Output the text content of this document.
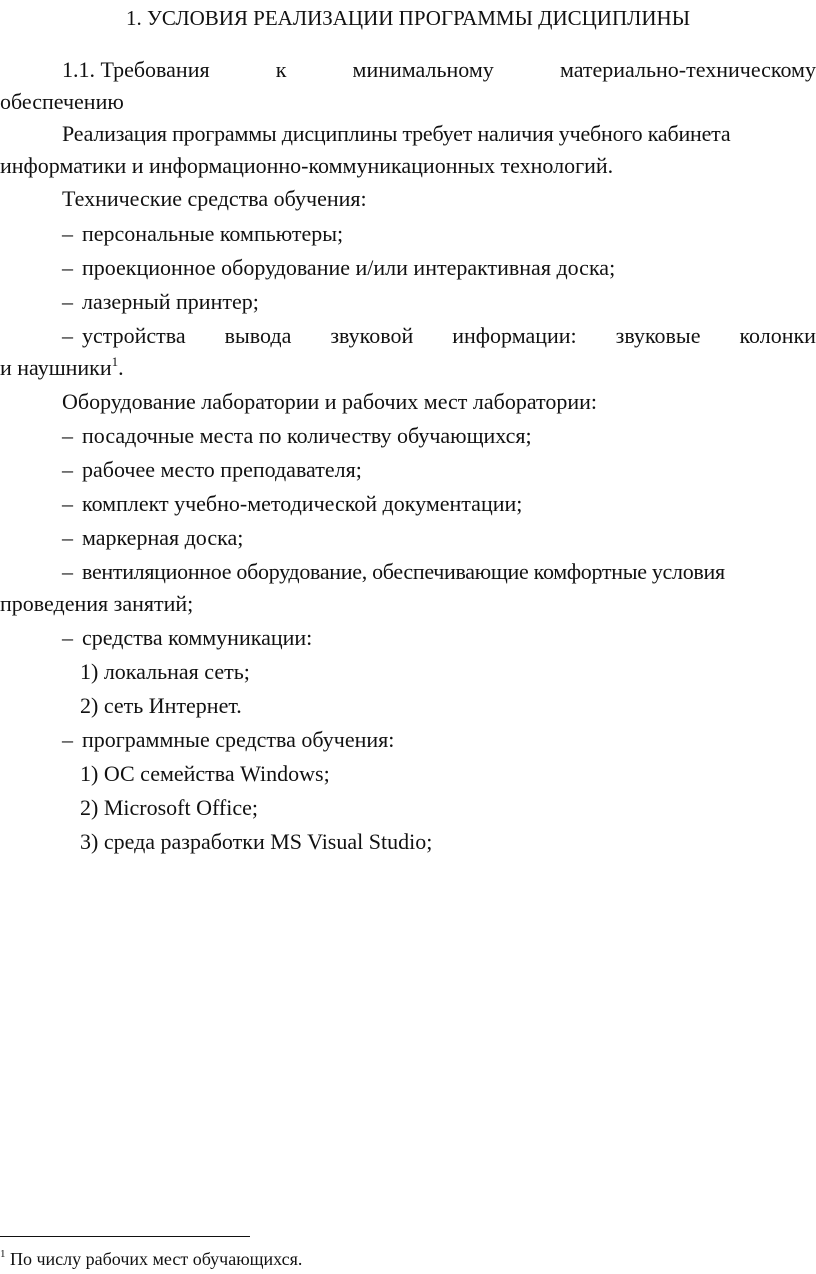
1. УСЛОВИЯ РЕАЛИЗАЦИИ ПРОГРАММЫ ДИСЦИПЛИНЫ
1.1. Требования	к	минимальному	материально-техническому
обеспечению
Реализация программы дисциплины требует наличия учебного кабинета
информатики и информационно-коммуникационных технологий.
Технические средства обучения:
– персональные компьютеры;
– проекционное оборудование и/или интерактивная доска;
– лазерный принтер;
– устройства вывода звуковой информации: звуковые колонки
и наушники$^1$.
Оборудование лаборатории и рабочих мест лаборатории:
– посадочные места по количеству обучающихся;
– рабочее место преподавателя;
– комплект учебно-методической документации;
– маркерная доска;
– вентиляционное оборудование, обеспечивающие комфортные условия
проведения занятий;
– средства коммуникации:
1) локальная сеть;
2) сеть Интернет.
– программные средства обучения:
1) ОС семейства Windows;
2) Microsoft Office;
3) среда разработки MS Visual Studio;
$^1$ По числу рабочих мест обучающихся.
